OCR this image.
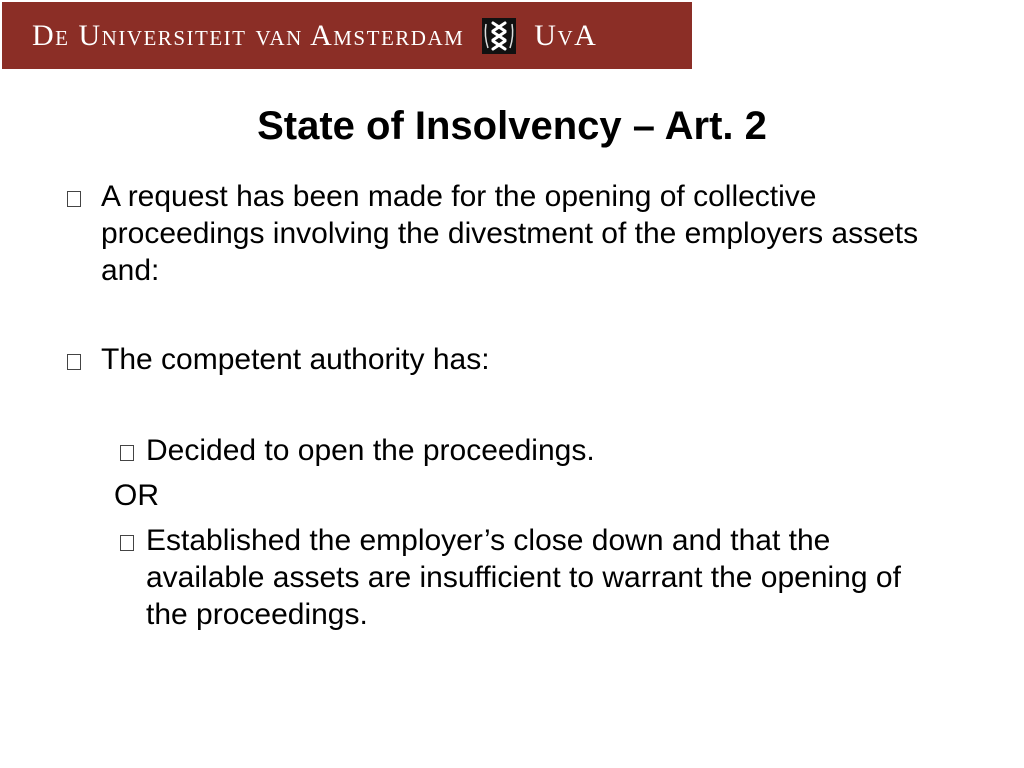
De Universiteit van Amsterdam UvA
State of Insolvency – Art. 2
A request has been made for the opening of collective proceedings involving the divestment of the employers assets and:
The competent authority has:
Decided to open the proceedings.
OR
Established the employer’s close down and that the available assets are insufficient to warrant the opening of the proceedings.
